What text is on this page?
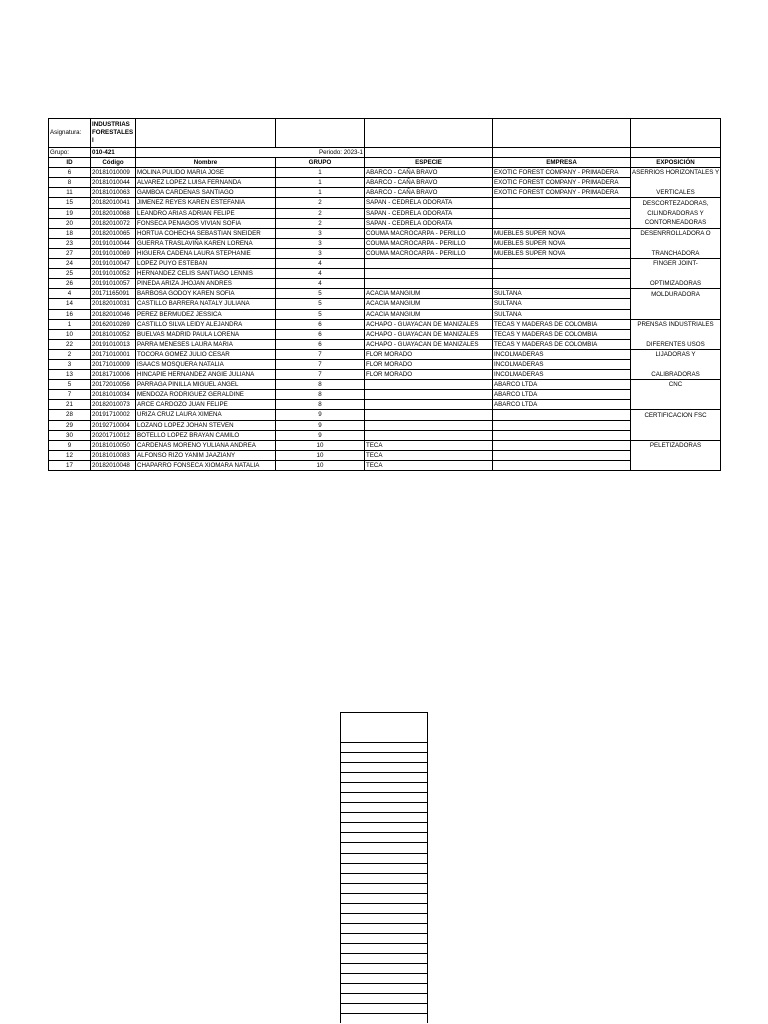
Asignatura:	INDUSTRIAS FORESTALES I					
Grupo:	010-421	Periodo: 2023-1				
ID	Código	Nombre	GRUPO	ESPECIE	EMPRESA	EXPOSICIÓN
6	20181010009	MOLINA PULIDO MARIA JOSE	1	ABARCO - CAÑA BRAVO	EXOTIC FOREST COMPANY - PRIMADERA	ASERRIOS HORIZONTALES Y
8	20181010044	ALVAREZ LOPEZ LUISA FERNANDA	1	ABARCO - CAÑA BRAVO	EXOTIC FOREST COMPANY - PRIMADERA	
11	20181010063	GAMBOA CARDENAS SANTIAGO	1	ABARCO - CAÑA BRAVO	EXOTIC FOREST COMPANY - PRIMADERA	VERTICALES
15	20182010041	JIMENEZ REYES KAREN ESTEFANIA	2	SAPAN - CEDRELA ODORATA		DESCORTEZADORAS,
19	20182010068	LEANDRO ARIAS ADRIAN FELIPE	2	SAPAN - CEDRELA ODORATA		CILINDRADORAS Y
20	20182010072	FONSECA PENAGOS VIVIAN SOFIA	2	SAPAN - CEDRELA ODORATA		CONTORNEADORAS
18	20182010065	HORTUA COHECHA SEBASTIAN SNEIDER	3	COUMA MACROCARPA - PERILLO	MUEBLES SUPER NOVA	DESENRROLLADORA O
23	20191010044	GUERRA TRASLAVIÑA KAREN LORENA	3	COUMA MACROCARPA - PERILLO	MUEBLES SUPER NOVA	
27	20191010069	HIGUERA CADENA LAURA STEPHANIE	3	COUMA MACROCARPA - PERILLO	MUEBLES SUPER NOVA	TRANCHADORA
24	20191010047	LOPEZ PUYO ESTEBAN	4			FINGER JOINT-
25	20191010052	HERNANDEZ CELIS SANTIAGO LENNIS	4			
26	20191010057	PINEDA ARIZA JHOJAN ANDRES	4			OPTIMIZADORAS
4	20171165091	BARBOSA GODOY KAREN SOFIA	5	ACACIA MANGIUM	SULTANA	MOLDURADORA
14	20182010031	CASTILLO BARRERA NATALY JULIANA	5	ACACIA MANGIUM	SULTANA	
16	20182010046	PEREZ BERMUDEZ JESSICA	5	ACACIA MANGIUM	SULTANA	
1	20162010269	CASTILLO SILVA LEIDY ALEJANDRA	6	ACHAPO - GUAYACAN DE MANIZALES	TECAS Y MADERAS DE COLOMBIA	PRENSAS INDUSTRIALES
10	20181010052	BUELVAS MADRID PAULA LORENA	6	ACHAPO - GUAYACAN DE MANIZALES	TECAS Y MADERAS DE COLOMBIA	
22	20191010013	PARRA MENESES LAURA MARIA	6	ACHAPO - GUAYACAN DE MANIZALES	TECAS Y MADERAS DE COLOMBIA	DIFERENTES USOS
2	20171010001	TOCORA GOMEZ JULIO CESAR	7	FLOR MORADO	INCOLMADERAS	LIJADORAS Y
3	20171010009	ISAACS MOSQUERA NATALIA	7	FLOR MORADO	INCOLMADERAS	
13	20181710006	HINCAPIE HERNANDEZ ANGIE JULIANA	7	FLOR MORADO	INCOLMADERAS	CALIBRADORAS
5	20172010056	PARRAGA PINILLA MIGUEL ANGEL	8		ABARCO LTDA	CNC
7	20181010034	MENDOZA RODRIGUEZ GERALDINE	8		ABARCO LTDA	
21	20182010073	ARCE CARDOZO JUAN FELIPE	8		ABARCO LTDA	
28	20191710002	URIZA CRUZ LAURA XIMENA	9			CERTIFICACION FSC
29	20192710004	LOZANO LOPEZ JOHAN STEVEN	9			
30	20201710012	BOTELLO LOPEZ BRAYAN CAMILO	9			
9	20181010050	CARDENAS MORENO YULIANA ANDREA	10	TECA		PELETIZADORAS
12	20181010083	ALFONSO RIZO YANIM JAAZIANY	10	TECA		
17	20182010048	CHAPARRO FONSECA XIOMARA NATALIA	10	TECA		
